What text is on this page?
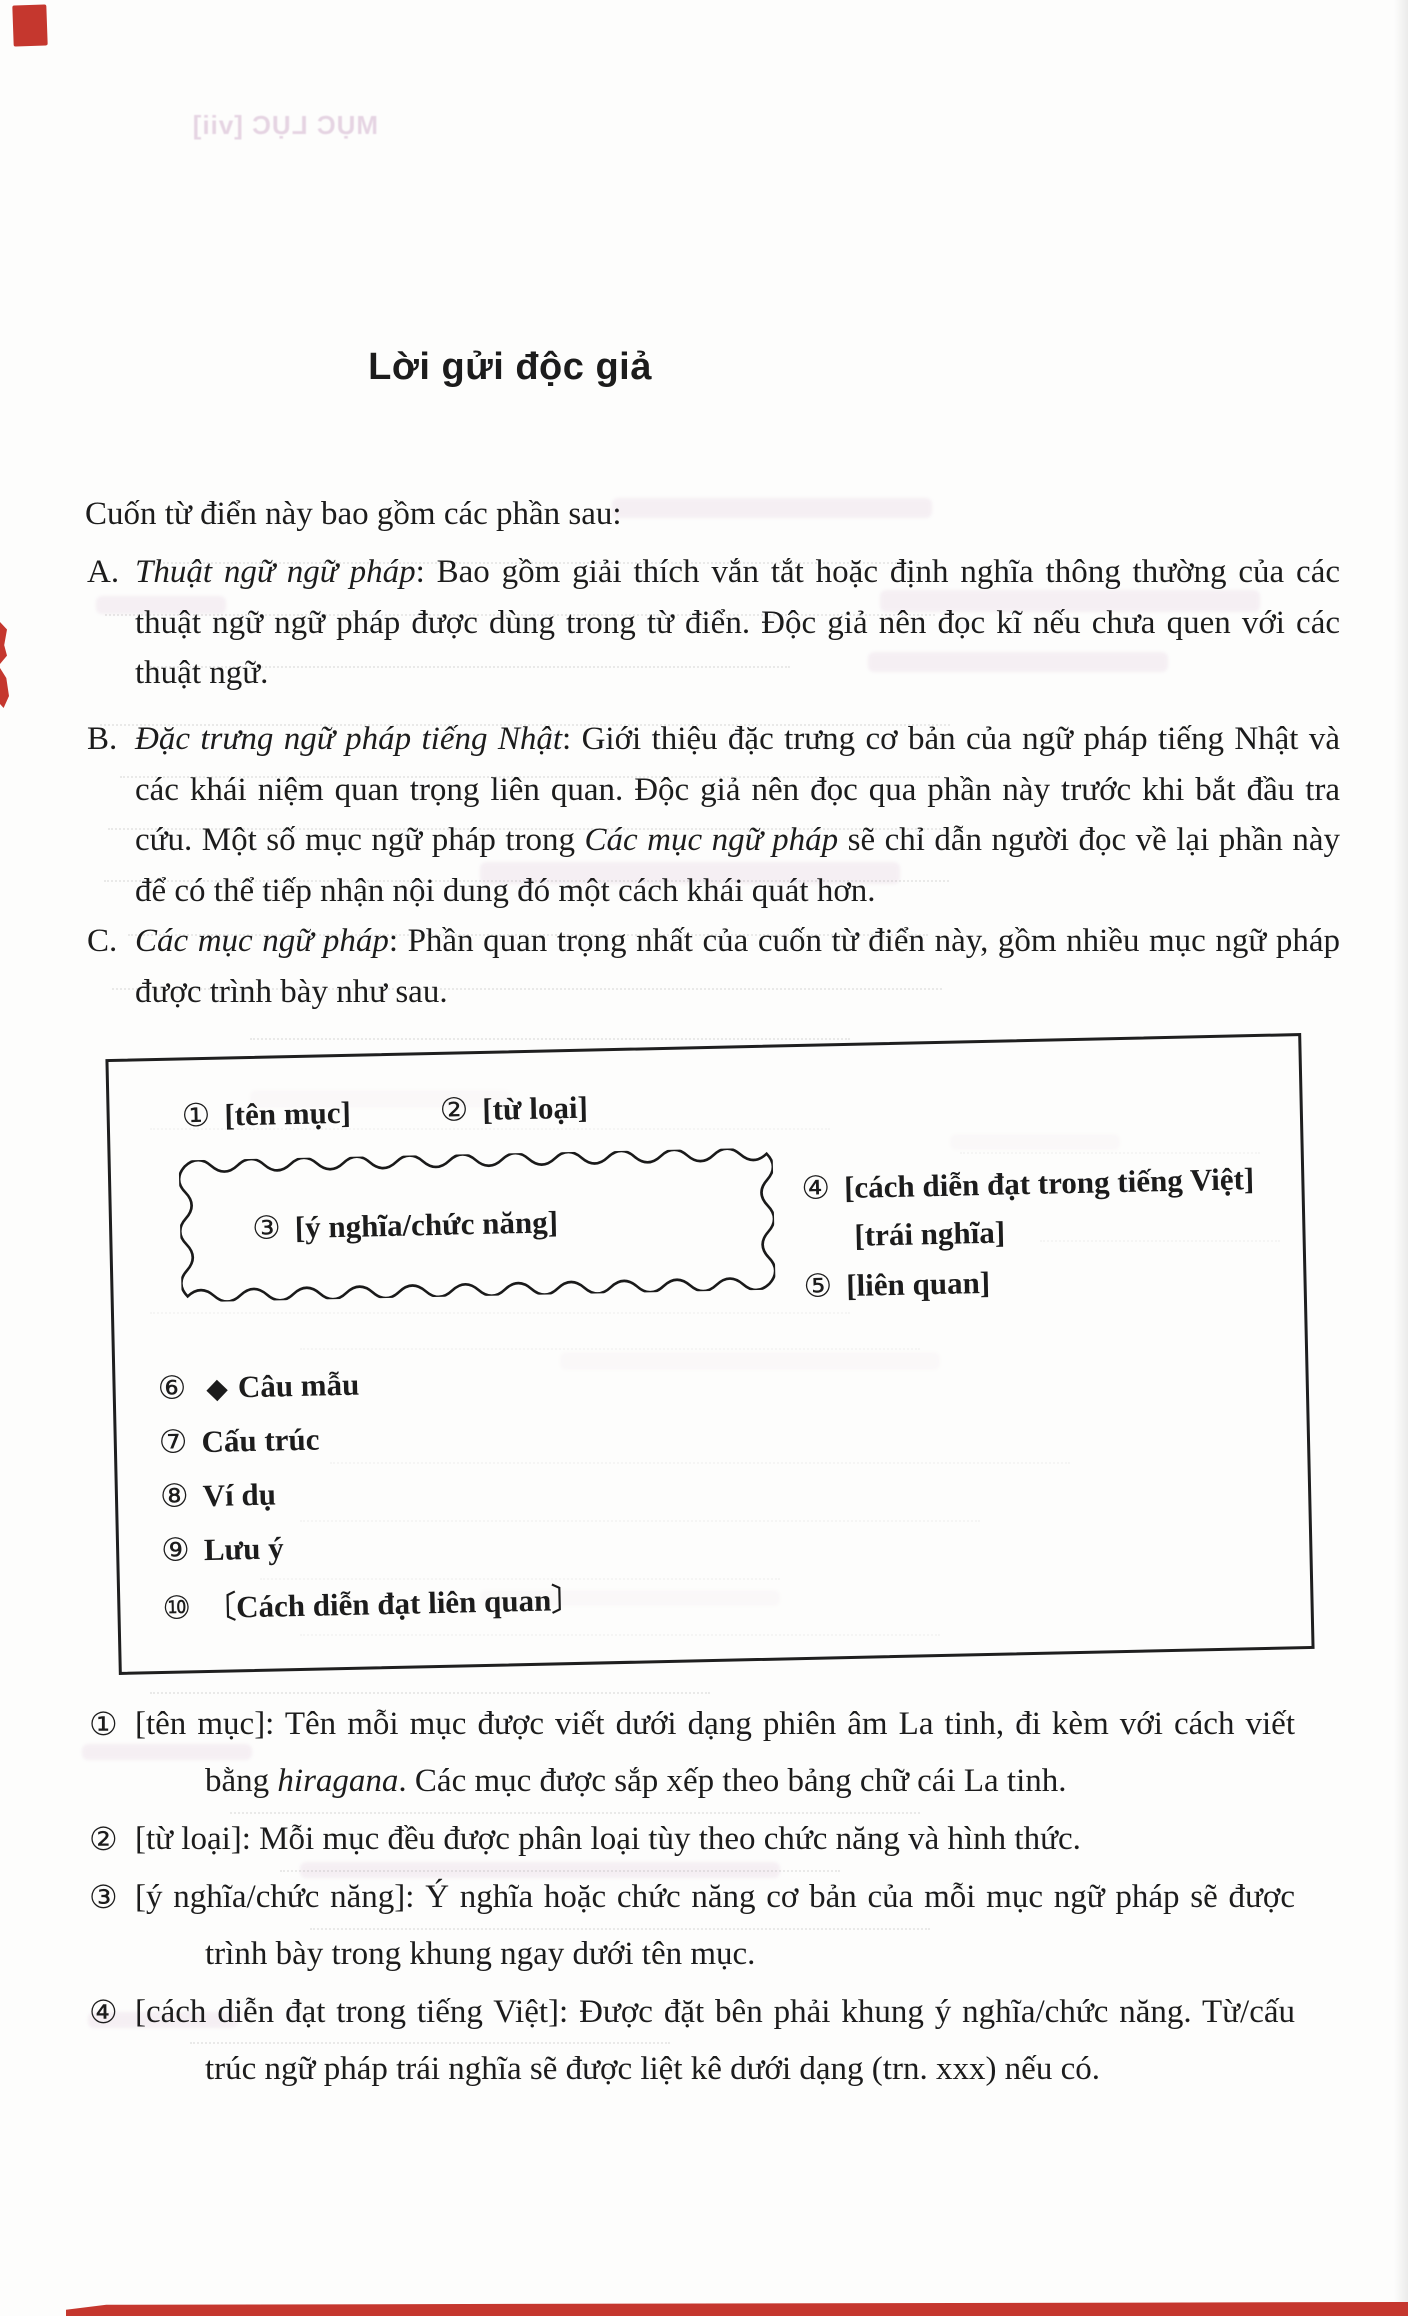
MỤC LỤC [vii]
Lời gửi độc giả
Cuốn từ điển này bao gồm các phần sau:
A. Thuật ngữ ngữ pháp: Bao gồm giải thích vắn tắt hoặc định nghĩa thông thường của các thuật ngữ ngữ pháp được dùng trong từ điển. Độc giả nên đọc kĩ nếu chưa quen với các thuật ngữ.
B. Đặc trưng ngữ pháp tiếng Nhật: Giới thiệu đặc trưng cơ bản của ngữ pháp tiếng Nhật và các khái niệm quan trọng liên quan. Độc giả nên đọc qua phần này trước khi bắt đầu tra cứu. Một số mục ngữ pháp trong Các mục ngữ pháp sẽ chỉ dẫn người đọc về lại phần này để có thể tiếp nhận nội dung đó một cách khái quát hơn.
C. Các mục ngữ pháp: Phần quan trọng nhất của cuốn từ điển này, gồm nhiều mục ngữ pháp được trình bày như sau.
① [tên mục]	② [từ loại]
③ [ý nghĩa/chức năng]
④ [cách diễn đạt trong tiếng Việt]
[trái nghĩa]
⑤ [liên quan]
⑥ ◆ Câu mẫu
⑦ Cấu trúc
⑧ Ví dụ
⑨ Lưu ý
⑩ 〔Cách diễn đạt liên quan〕
① [tên mục]: Tên mỗi mục được viết dưới dạng phiên âm La tinh, đi kèm với cách viết bằng hiragana. Các mục được sắp xếp theo bảng chữ cái La tinh.
② [từ loại]: Mỗi mục đều được phân loại tùy theo chức năng và hình thức.
③ [ý nghĩa/chức năng]: Ý nghĩa hoặc chức năng cơ bản của mỗi mục ngữ pháp sẽ được trình bày trong khung ngay dưới tên mục.
④ [cách diễn đạt trong tiếng Việt]: Được đặt bên phải khung ý nghĩa/chức năng. Từ/cấu trúc ngữ pháp trái nghĩa sẽ được liệt kê dưới dạng (trn. xxx) nếu có.
